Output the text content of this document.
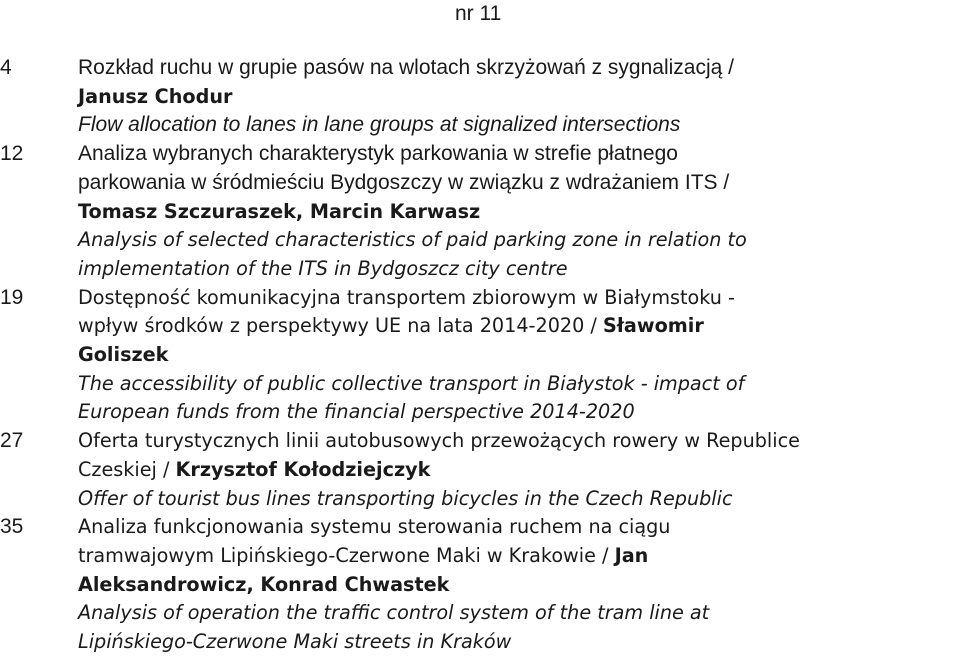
nr 11
4	Rozkład ruchu w grupie pasów na wlotach skrzyżowań z sygnalizacją /
Janusz Chodur
Flow allocation to lanes in lane groups at signalized intersections
12	Analiza wybranych charakterystyk parkowania w strefie płatnego
parkowania w śródmieściu Bydgoszczy w związku z wdrażaniem ITS /
Tomasz Szczuraszek, Marcin Karwasz
Analysis of selected characteristics of paid parking zone in relation to
implementation of the ITS in Bydgoszcz city centre
19	Dostępność komunikacyjna transportem zbiorowym w Białymstoku -
wpływ środków z perspektywy UE na lata 2014-2020 / Sławomir
Goliszek
The accessibility of public collective transport in Białystok - impact of
European funds from the financial perspective 2014-2020
27	Oferta turystycznych linii autobusowych przewożących rowery w Republice
Czeskiej / Krzysztof Kołodziejczyk
Offer of tourist bus lines transporting bicycles in the Czech Republic
35	Analiza funkcjonowania systemu sterowania ruchem na ciągu
tramwajowym Lipińskiego-Czerwone Maki w Krakowie / Jan
Aleksandrowicz, Konrad Chwastek
Analysis of operation the traffic control system of the tram line at
Lipińskiego-Czerwone Maki streets in Kraków
